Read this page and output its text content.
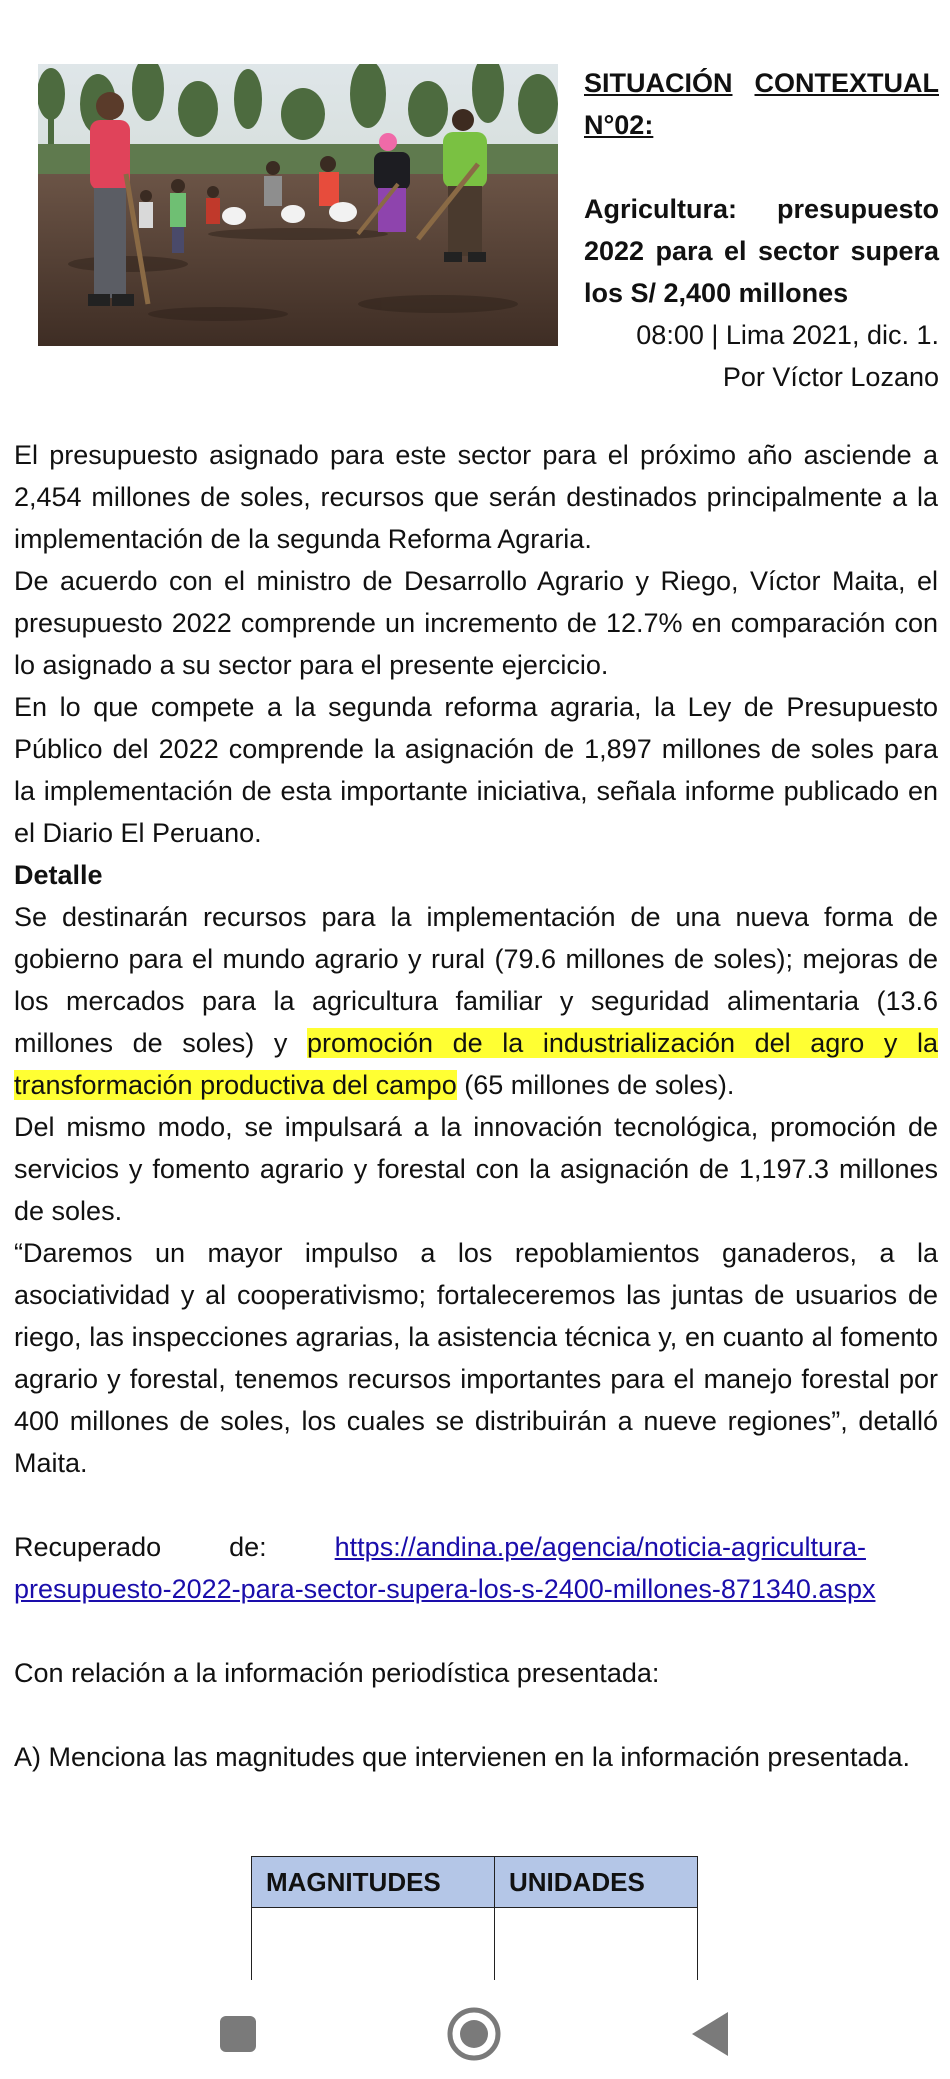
SITUACIÓN CONTEXTUAL
N°02:

Agricultura: presupuesto 2022 para el sector supera los S/ 2,400 millones

08:00 | Lima 2021, dic. 1.

Por Víctor Lozano

El presupuesto asignado para este sector para el próximo año asciende a 2,454 millones de soles, recursos que serán destinados principalmente a la implementación de la segunda Reforma Agraria.

De acuerdo con el ministro de Desarrollo Agrario y Riego, Víctor Maita, el presupuesto 2022 comprende un incremento de 12.7% en comparación con lo asignado a su sector para el presente ejercicio.

En lo que compete a la segunda reforma agraria, la Ley de Presupuesto Público del 2022 comprende la asignación de 1,897 millones de soles para la implementación de esta importante iniciativa, señala informe publicado en el Diario El Peruano.

Detalle

Se destinarán recursos para la implementación de una nueva forma de gobierno para el mundo agrario y rural (79.6 millones de soles); mejoras de los mercados para la agricultura familiar y seguridad alimentaria (13.6 millones de soles) y promoción de la industrialización del agro y la transformación productiva del campo (65 millones de soles).

Del mismo modo, se impulsará a la innovación tecnológica, promoción de servicios y fomento agrario y forestal con la asignación de 1,197.3 millones de soles.

“Daremos un mayor impulso a los repoblamientos ganaderos, a la asociatividad y al cooperativismo; fortaleceremos las juntas de usuarios de riego, las inspecciones agrarias, la asistencia técnica y, en cuanto al fomento agrario y forestal, tenemos recursos importantes para el manejo forestal por 400 millones de soles, los cuales se distribuirán a nueve regiones”, detalló Maita.

Recuperado	de:	https://andina.pe/agencia/noticia-agricultura-presupuesto-2022-para-sector-supera-los-s-2400-millones-871340.aspx

Con relación a la información periodística presentada:

A) Menciona las magnitudes que intervienen en la información presentada.

MAGNITUDES	UNIDADES
